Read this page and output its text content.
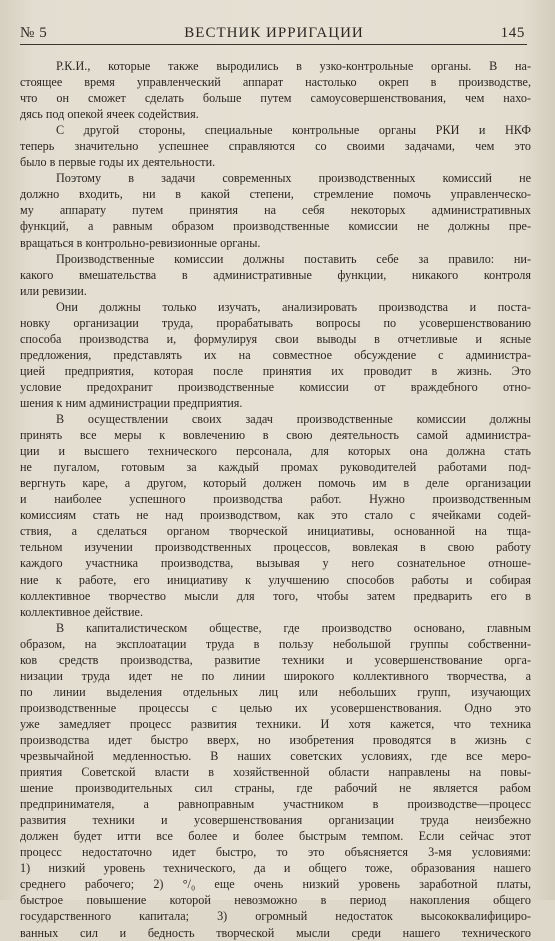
№ 5	ВЕСТНИК ИРРИГАЦИИ	145
Р.К.И., которые также выродились в узко-контрольные органы. В на-
стоящее время управленческий аппарат настолько окреп в производстве,
что он сможет сделать больше путем самоусовершенствования, чем нахо-
дясь под опекой ячеек содействия.
С другой стороны, специальные контрольные органы РКИ и НКФ
теперь значительно успешнее справляются со своими задачами, чем это
было в первые годы их деятельности.
Поэтому в задачи современных производственных комиссий не
должно входить, ни в какой степени, стремление помочь управленческо-
му аппарату путем принятия на себя некоторых административных
функций, а равным образом производственные комиссии не должны пре-
вращаться в контрольно-ревизионные органы.
Производственные комиссии должны поставить себе за правило: ни-
какого вмешательства в административные функции, никакого контроля
или ревизии.
Они должны только изучать, анализировать производства и поста-
новку организации труда, прорабатывать вопросы по усовершенствованию
способа производства и, формулируя свои выводы в отчетливые и ясные
предложения, представлять их на совместное обсуждение с администра-
цией предприятия, которая после принятия их проводит в жизнь. Это
условие предохранит производственные комиссии от враждебного отно-
шения к ним администрации предприятия.
В осуществлении своих задач производственные комиссии должны
принять все меры к вовлечению в свою деятельность самой администра-
ции и высшего технического персонала, для которых она должна стать
не пугалом, готовым за каждый промах руководителей работами под-
вергнуть каре, а другом, который должен помочь им в деле организации
и наиболее успешного производства работ. Нужно производственным
комиссиям стать не над производством, как это стало с ячейками содей-
ствия, а сделаться органом творческой инициативы, основанной на тща-
тельном изучении производственных процессов, вовлекая в свою работу
каждого участника производства, вызывая у него сознательное отноше-
ние к работе, его инициативу к улучшению способов работы и собирая
коллективное творчество мысли для того, чтобы затем предварить его в
коллективное действие.
В капиталистическом обществе, где производство основано, главным
образом, на эксплоатации труда в пользу небольшой группы собственни-
ков средств производства, развитие техники и усовершенствование орга-
низации труда идет не по линии широкого коллективного творчества, а
по линии выделения отдельных лиц или небольших групп, изучающих
производственные процессы с целью их усовершенствования. Одно это
уже замедляет процесс развития техники. И хотя кажется, что техника
производства идет быстро вверх, но изобретения проводятся в жизнь с
чрезвычайной медленностью. В наших советских условиях, где все меро-
приятия Советской власти в хозяйственной области направлены на повы-
шение производительных сил страны, где рабочий не является рабом
предпринимателя, а равноправным участником в производстве—процесс
развития техники и усовершенствования организации труда неизбежно
должен будет итти все более и более быстрым темпом. Если сейчас этот
процесс недостаточно идет быстро, то это объясняется 3-мя условиями:
1) низкий уровень технического, да и общего тоже, образования нашего
среднего рабочего; 2) °/₀ еще очень низкий уровень заработной платы,
быстрое повышение которой невозможно в период накопления общего
государственного капитала; 3) огромный недостаток высококвалифициро-
ванных сил и бедность творческой мысли среди нашего технического
